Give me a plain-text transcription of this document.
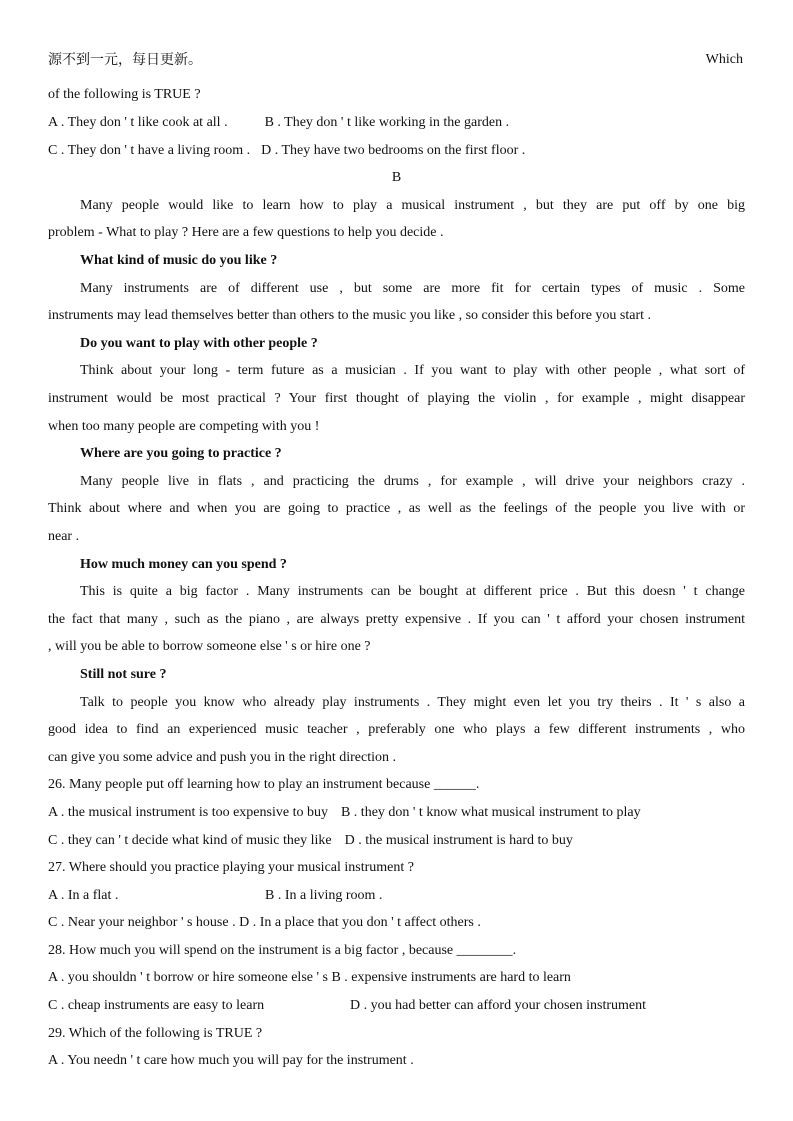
源不到一元，每日更新。	Which
of the following is TRUE ?
A . They don ' t like cook at all .	B . They don ' t like working in the garden .
C . They don ' t have a living room . D . They have two bedrooms on the first floor .
B
Many people would like to learn how to play a musical instrument , but they are put off by one big
problem - What to play ? Here are a few questions to help you decide .
What kind of music do you like ?
Many instruments are of different use , but some are more fit for certain types of music . Some
instruments may lead themselves better than others to the music you like , so consider this before you start .
Do you want to play with other people ?
Think about your long - term future as a musician . If you want to play with other people , what sort of
instrument would be most practical ? Your first thought of playing the violin , for example , might disappear
when too many people are competing with you !
Where are you going to practice ?
Many people live in flats , and practicing the drums , for example , will drive your neighbors crazy .
Think about where and when you are going to practice , as well as the feelings of the people you live with or
near .
How much money can you spend ?
This is quite a big factor . Many instruments can be bought at different price . But this doesn ' t change
the fact that many , such as the piano , are always pretty expensive . If you can ' t afford your chosen instrument
, will you be able to borrow someone else ' s or hire one ?
Still not sure ?
Talk to people you know who already play instruments . They might even let you try theirs . It ' s also a
good idea to find an experienced music teacher , preferably one who plays a few different instruments , who
can give you some advice and push you in the right direction .
26. Many people put off learning how to play an instrument because ______.
A . the musical instrument is too expensive to buy B . they don ' t know what musical instrument to play
C . they can ' t decide what kind of music they like D . the musical instrument is hard to buy
27. Where should you practice playing your musical instrument ?
A . In a flat .	B . In a living room .
C . Near your neighbor ' s house . D . In a place that you don ' t affect others .
28. How much you will spend on the instrument is a big factor , because ________.
A . you shouldn ' t borrow or hire someone else ' s B . expensive instruments are hard to learn
C . cheap instruments are easy to learn	D . you had better can afford your chosen instrument
29. Which of the following is TRUE ?
A . You needn ' t care how much you will pay for the instrument .
